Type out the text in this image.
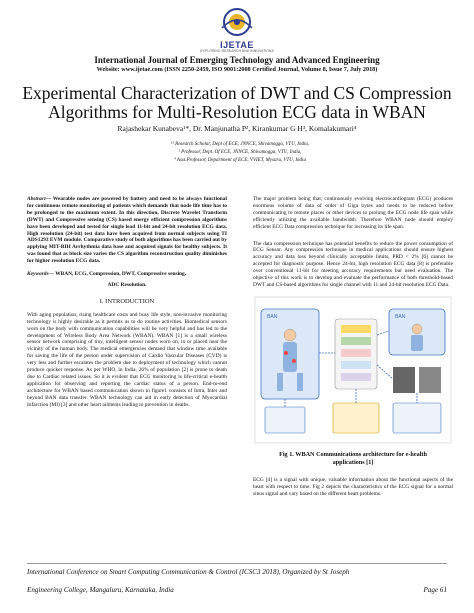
IJETAE
EXPLORING RESEARCH AND INNOVATIONS
International Journal of Emerging Technology and Advanced Engineering
Website: www.ijetae.com (ISSN 2250-2459, ISO 9001:2008 Certified Journal, Volume 8, Issue 7, July 2018)
Experimental Characterization of DWT and CS Compression
Algorithms for Multi-Resolution ECG data in WBAN
Rajashekar Kunabeva¹*, Dr. Manjunatha P², Kirankumar G H³, Komalakumari⁴
¹³ Research Scholar, Dept of ECE, JNNCE, Shivamogga, VTU, India,
² Professor, Dept. Of ECE, JNNCE, Shivamogga, VTU, India,
⁴ Asst.Professor, Department of ECE, VVIET, Mysuru, VTU, India

Abstract— Wearable nodes are powered by battery and need to be always functional for continuous remote monitoring of patients which demands that node life time has to be prolonged to the maximum extent. In this direction, Discrete Wavelet Transform (DWT) and Compressive sensing (CS) based energy efficient compression algorithms have been developed and tested for single lead 11-bit and 24-bit resolution ECG data. High resolution (24-bit) test data have been acquired from normal subjects using TI ADS1293 EVM module. Comparative study of both algorithms has been carried out by applying MIT-BIH Arrhythmia data base and acquired signals for healthy subjects. It was found that as block size varies the CS algorithm reconstruction quality diminishes for higher resolution ECG data.

Keywords— WBAN, ECG, Compression, DWT, Compressive sensing,

ADC Resolution.

I. INTRODUCTION

With aging population, rising healthcare costs and busy life style, non-invasive monitoring technology is highly desirable as it permits us to do routine activities. Biomedical sensors worn on the body with communication capabilities will be very helpful and has led to the development of Wireless Body Area Network (WBAN). WBAN [1] is a small wireless sensor network comprising of tiny, intelligent sensor nodes worn on, in or placed near the vicinity of the human body. The medical emergencies demand that window time available for saving the life of the person under supervision of Cardio Vascular Diseases (CVD) is very less and further escalates the problem due to deployment of technology which cannot produce quicker response. As per WHO, in India, 26% of population [2] is prone to death due to Cardiac related issues. So it is evident that ECG monitoring is life-critical e-health application for observing and reporting the cardiac status of a person. End-to-end architecture for WBAN based communication shown in figure1 consists of Intra, Inter and beyond BAN data transfer. WBAN technology can aid in early detection of Myocardial Infarction (MI) [3] and other heart ailments leading to prevention in deaths.

The major problem being that, continuously evolving electrocardiogram (ECG) produces enormous volume of data of order of Giga bytes and needs to be reduced before communicating to remote places or other devices to prolong the ECG node life span while efficiently utilizing the available bandwidth. Therefore WBAN node should employ efficient ECG Data compression technique for increasing its life span.

The data compression technique has potential benefits to reduce the power consumption of ECG Sensor. Any compression technique in medical applications should ensure highest accuracy and data loss beyond clinically acceptable limits, PRD < 2% [6] cannot be accepted for diagnostic purpose. Hence 24-bit, high resolution ECG data [8] is preferable over conventional 11-bit for meeting accuracy requirements but need evaluation. The objective of this work is to develop and evaluate the performance of both threshold-based DWT and CS-based algorithms for single channel with 11 and 24-bit resolution ECG Data.

BAN	BAN
Fig 1. WBAN Communications architecture for e-health
applications [1]

ECG [4] is a signal with unique, valuable information about the functional aspects of the heart with respect to time. Fig 2 depicts the characteristics of the ECG signal for a normal sinus signal and vary based on the different heart problems.

International Conference on Smart Computing Communication & Control (ICSC3 2018), Organized by St Joseph
Engineering College, Mangaluru, Karnataka, India	Page 61
